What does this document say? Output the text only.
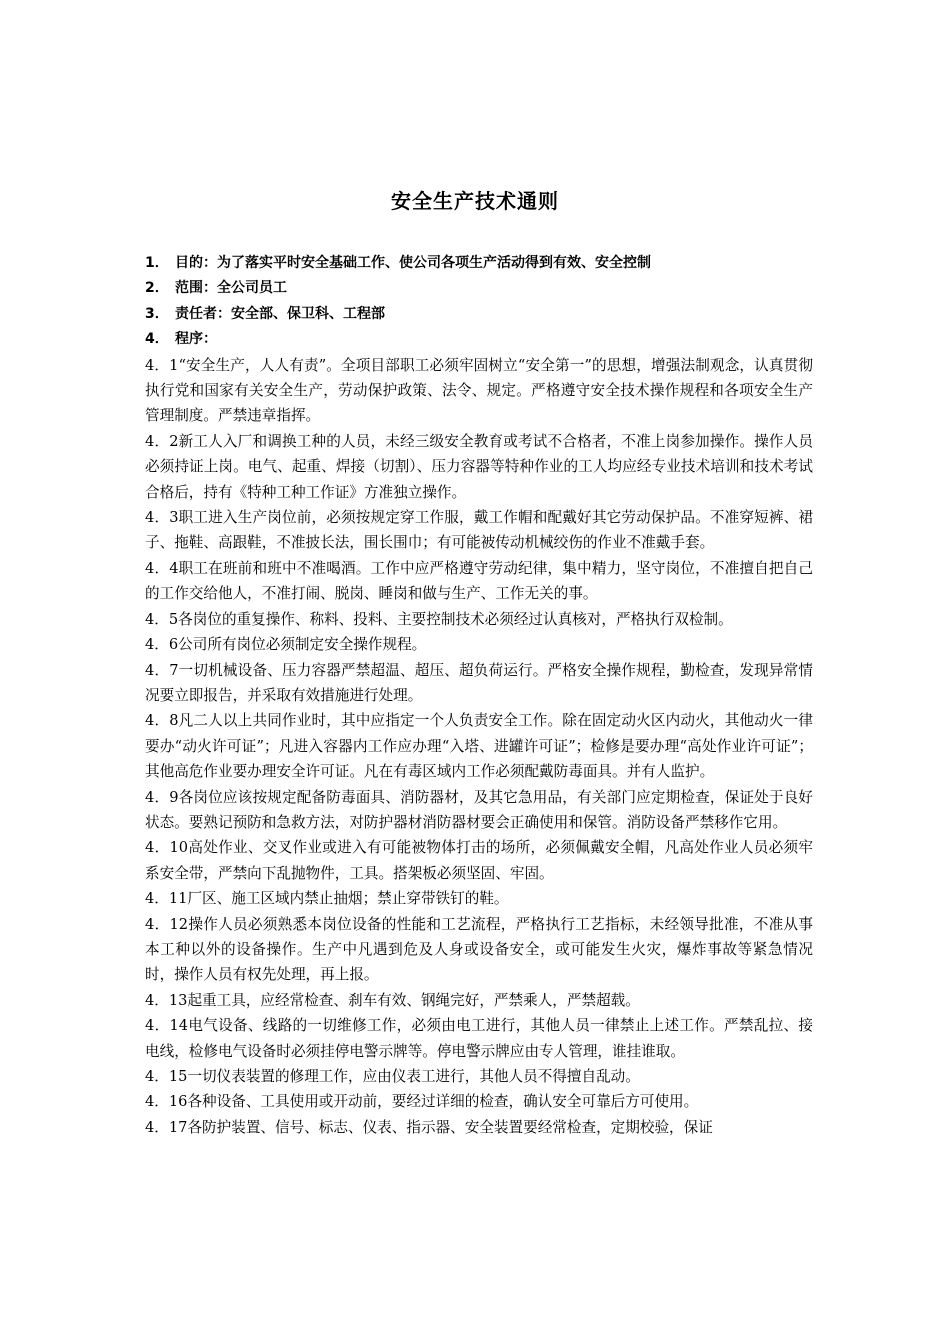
安全生产技术通则
1． 目的：为了落实平时安全基础工作、使公司各项生产活动得到有效、安全控制
2． 范围：全公司员工
3． 责任者：安全部、保卫科、工程部
4． 程序：

4．1“安全生产，人人有责”。全项目部职工必须牢固树立“安全第一”的思想，增强法制观念，认真贯彻执行党和国家有关安全生产，劳动保护政策、法令、规定。严格遵守安全技术操作规程和各项安全生产管理制度。严禁违章指挥。

4．2新工人入厂和调换工种的人员，未经三级安全教育或考试不合格者，不准上岗参加操作。操作人员必须持证上岗。电气、起重、焊接（切割）、压力容器等特种作业的工人均应经专业技术培训和技术考试合格后，持有《特种工种工作证》方准独立操作。

4．3职工进入生产岗位前，必须按规定穿工作服，戴工作帽和配戴好其它劳动保护品。不准穿短裤、裙子、拖鞋、高跟鞋，不准披长法，围长围巾；有可能被传动机械绞伤的作业不准戴手套。

4．4职工在班前和班中不准喝酒。工作中应严格遵守劳动纪律，集中精力，坚守岗位，不准擅自把自己的工作交给他人，不准打闹、脱岗、睡岗和做与生产、工作无关的事。

4．5各岗位的重复操作、称料、投料、主要控制技术必须经过认真核对，严格执行双检制。

4．6公司所有岗位必须制定安全操作规程。

4．7一切机械设备、压力容器严禁超温、超压、超负荷运行。严格安全操作规程，勤检查，发现异常情况要立即报告，并采取有效措施进行处理。

4．8凡二人以上共同作业时，其中应指定一个人负责安全工作。除在固定动火区内动火，其他动火一律要办“动火许可证”；凡进入容器内工作应办理“入塔、进罐许可证”；检修是要办理“高处作业许可证”；其他高危作业要办理安全许可证。凡在有毒区域内工作必须配戴防毒面具。并有人监护。

4．9各岗位应该按规定配备防毒面具、消防器材，及其它急用品，有关部门应定期检查，保证处于良好状态。要熟记预防和急救方法，对防护器材消防器材要会正确使用和保管。消防设备严禁移作它用。

4．10高处作业、交叉作业或进入有可能被物体打击的场所，必须佩戴安全帽，凡高处作业人员必须牢系安全带，严禁向下乱抛物件，工具。搭架板必须坚固、牢固。

4．11厂区、施工区域内禁止抽烟；禁止穿带铁钉的鞋。

4．12操作人员必须熟悉本岗位设备的性能和工艺流程，严格执行工艺指标，未经领导批准，不准从事本工种以外的设备操作。生产中凡遇到危及人身或设备安全，或可能发生火灾，爆炸事故等紧急情况时，操作人员有权先处理，再上报。

4．13起重工具，应经常检查、刹车有效、钢绳完好，严禁乘人，严禁超载。

4．14电气设备、线路的一切维修工作，必须由电工进行，其他人员一律禁止上述工作。严禁乱拉、接电线，检修电气设备时必须挂停电警示牌等。停电警示牌应由专人管理，谁挂谁取。

4．15一切仪表装置的修理工作，应由仪表工进行，其他人员不得擅自乱动。

4．16各种设备、工具使用或开动前，要经过详细的检查，确认安全可靠后方可使用。

4．17各防护装置、信号、标志、仪表、指示器、安全装置要经常检查，定期校验，保证
